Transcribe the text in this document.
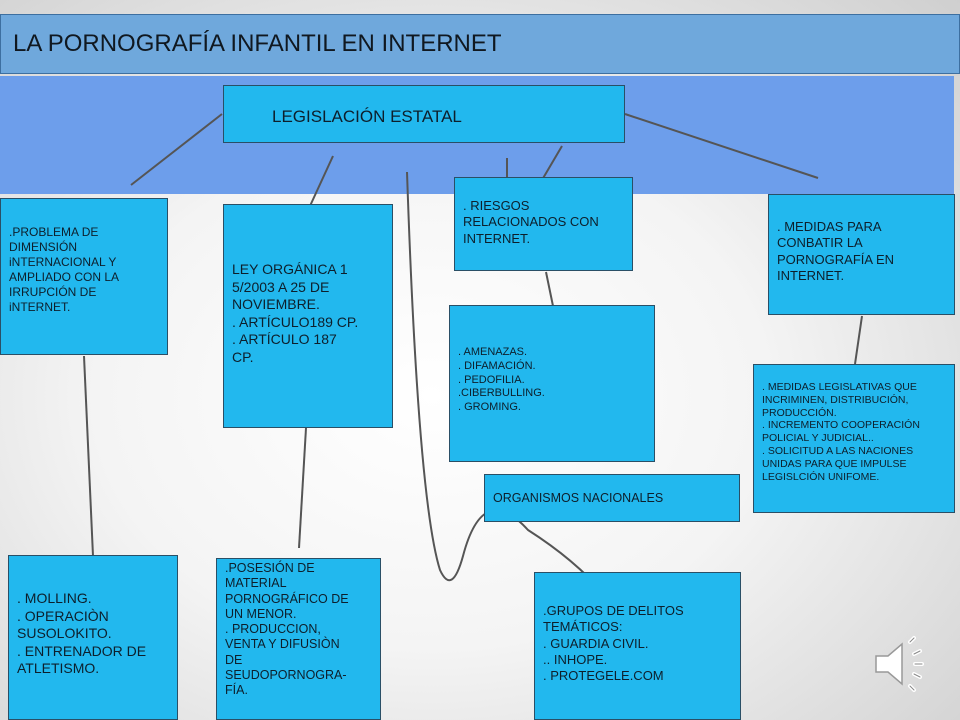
LA PORNOGRAFÍA INFANTIL EN INTERNET
LEGISLACIÓN ESTATAL
.PROBLEMA DE
DIMENSIÓN
iNTERNACIONAL Y
AMPLIADO CON LA
IRRUPCIÓN DE
iNTERNET.
LEY ORGÁNICA 1
5/2003 A 25 DE
NOVIEMBRE.
. ARTÍCULO189 CP.
. ARTÍCULO 187
CP.
. RIESGOS
RELACIONADOS CON
INTERNET.
. AMENAZAS.
. DIFAMACIÓN.
. PEDOFILIA.
.CIBERBULLING.
. GROMING.
. MEDIDAS PARA
CONBATIR LA
PORNOGRAFÍA EN
INTERNET.
. MEDIDAS LEGISLATIVAS QUE
INCRIMINEN, DISTRIBUCIÓN,
PRODUCCIÓN.
. INCREMENTO COOPERACIÓN
POLICIAL Y JUDICIAL..
. SOLICITUD A LAS NACIONES
UNIDAS PARA QUE IMPULSE
LEGISLCIÓN UNIFOME.
ORGANISMOS NACIONALES
. MOLLING.
. OPERACIÒN
SUSOLOKITO.
. ENTRENADOR DE
ATLETISMO.
.POSESIÓN DE
MATERIAL
PORNOGRÁFICO DE
UN MENOR.
. PRODUCCION,
VENTA Y DIFUSIÒN
DE
SEUDOPORNOGRA-
FÍA.
.GRUPOS DE DELITOS
TEMÁTICOS:
. GUARDIA CIVIL.
.. INHOPE.
. PROTEGELE.COM
